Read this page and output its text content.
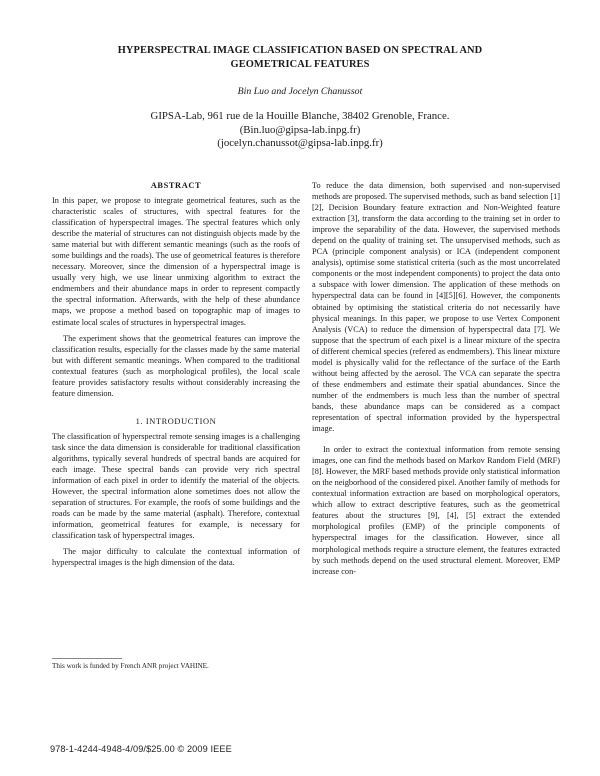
HYPERSPECTRAL IMAGE CLASSIFICATION BASED ON SPECTRAL AND
GEOMETRICAL FEATURES
Bin Luo and Jocelyn Chanussot
GIPSA-Lab, 961 rue de la Houille Blanche, 38402 Grenoble, France.
(Bin.luo@gipsa-lab.inpg.fr)
(jocelyn.chanussot@gipsa-lab.inpg.fr)
ABSTRACT

In this paper, we propose to integrate geometrical features, such as the characteristic scales of structures, with spectral features for the classification of hyperspectral images. The spectral features which only describe the material of structures can not distinguish objects made by the same material but with different semantic meanings (such as the roofs of some buildings and the roads). The use of geometrical features is therefore necessary. Moreover, since the dimension of a hyperspectral image is usually very high, we use linear unmixing algorithm to extract the endmembers and their abundance maps in order to represent compactly the spectral information. Afterwards, with the help of these abundance maps, we propose a method based on topographic map of images to estimate local scales of structures in hyperspectral images.

The experiment shows that the geometrical features can improve the classification results, especially for the classes made by the same material but with different semantic meanings. When compared to the traditional contextual features (such as morphological profiles), the local scale feature provides satisfactory results without considerably increasing the feature dimension.

1. INTRODUCTION

The classification of hyperspectral remote sensing images is a challenging task since the data dimension is considerable for traditional classification algorithms, typically several hundreds of spectral bands are acquired for each image. These spectral bands can provide very rich spectral information of each pixel in order to identify the material of the objects. However, the spectral information alone sometimes does not allow the separation of structures. For example, the roofs of some buildings and the roads can be made by the same material (asphalt). Therefore, contextual information, geometrical features for example, is necessary for classification task of hyperspectral images.

The major difficulty to calculate the contextual information of hyperspectral images is the high dimension of the data.

To reduce the data dimension, both supervised and non-supervised methods are proposed. The supervised methods, such as band selection [1][2], Decision Boundary feature extraction and Non-Weighted feature extraction [3], transform the data according to the training set in order to improve the separability of the data. However, the supervised methods depend on the quality of training set. The unsupervised methods, such as PCA (principle component analysis) or ICA (independent component analysis), optimise some statistical criteria (such as the most uncorrelated components or the most independent components) to project the data onto a subspace with lower dimension. The application of these methods on hyperspectral data can be found in [4][5][6]. However, the components obtained by optimising the statistical criteria do not necessarily have physical meanings. In this paper, we propose to use Vertex Component Analysis (VCA) to reduce the dimension of hyperspectral data [7]. We suppose that the spectrum of each pixel is a linear mixture of the spectra of different chemical species (refered as endmembers). This linear mixture model is physically valid for the reflectance of the surface of the Earth without being affected by the aerosol. The VCA can separate the spectra of these endmembers and estimate their spatial abundances. Since the number of the endmembers is much less than the number of spectral bands, these abundance maps can be considered as a compact representation of spectral information provided by the hyperspectral image.

In order to extract the contextual information from remote sensing images, one can find the methods based on Markov Random Field (MRF) [8]. However, the MRF based methods provide only statistical information on the neigborhood of the considered pixel. Another family of methods for contextual information extraction are based on morphological operators, which allow to extract descriptive features, such as the geometrical features about the structures [9], [4], [5] extract the extended morphological profiles (EMP) of the principle components of hyperspectral images for the classification. However, since all morphological methods require a structure element, the features extracted by such methods depend on the used structural element. Moreover, EMP increase con-

This work is funded by French ANR project VAHINE.
978-1-4244-4948-4/09/$25.00 © 2009 IEEE
